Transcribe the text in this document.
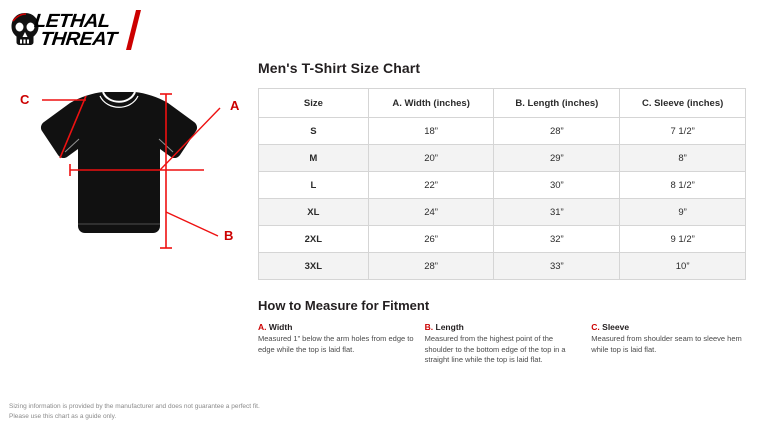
LETHAL
THREAT
C	A
B
Men's T-Shirt Size Chart
Size	A. Width (inches)	B. Length (inches)	C. Sleeve (inches)
S	18”	28”	7 1/2”
M	20”	29”	8”
L	22”	30”	8 1/2”
XL	24”	31”	9”
2XL	26”	32”	9 1/2”
3XL	28”	33”	10”
How to Measure for Fitment
A. Width
Measured 1” below the arm holes from edge to edge while the top is laid flat.
B. Length
Measured from the highest point of the shoulder to the bottom edge of the top in a straight line while the top is laid flat.
C. Sleeve
Measured from shoulder seam to sleeve hem while top is laid flat.
Sizing information is provided by the manufacturer and does not guarantee a perfect fit.
Please use this chart as a guide only.
